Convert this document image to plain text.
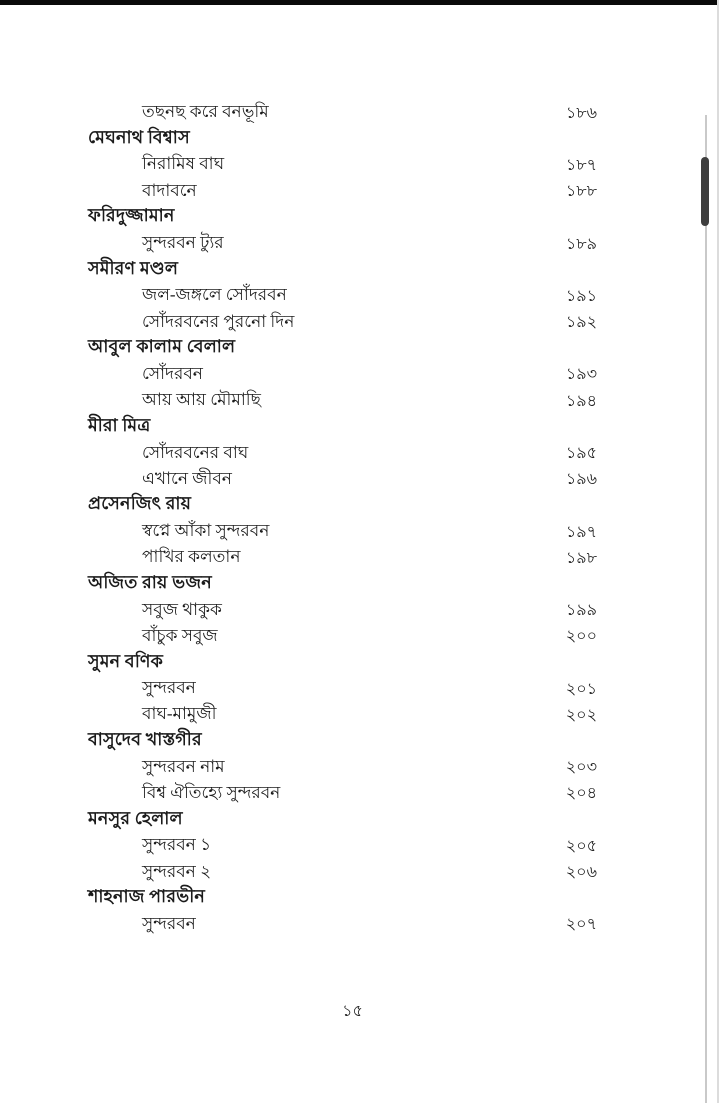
তছনছ করে বনভূমি	১৮৬
মেঘনাথ বিশ্বাস
নিরামিষ বাঘ	১৮৭
বাদাবনে	১৮৮
ফরিদুজ্জামান
সুন্দরবন ট্যুর	১৮৯
সমীরণ মণ্ডল
জল-জঙ্গলে সোঁদরবন	১৯১
সোঁদরবনের পুরনো দিন	১৯২
আবুল কালাম বেলাল
সোঁদরবন	১৯৩
আয় আয় মৌমাছি	১৯৪
মীরা মিত্র
সোঁদরবনের বাঘ	১৯৫
এখানে জীবন	১৯৬
প্রসেনজিৎ রায়
স্বপ্নে আঁকা সুন্দরবন	১৯৭
পাখির কলতান	১৯৮
অজিত রায় ভজন
সবুজ থাকুক	১৯৯
বাঁচুক সবুজ	২০০
সুমন বণিক
সুন্দরবন	২০১
বাঘ-মামুজী	২০২
বাসুদেব খাস্তগীর
সুন্দরবন নাম	২০৩
বিশ্ব ঐতিহ্যে সুন্দরবন	২০৪
মনসুর হেলাল
সুন্দরবন ১	২০৫
সুন্দরবন ২	২০৬
শাহনাজ পারভীন
সুন্দরবন	২০৭
১৫
